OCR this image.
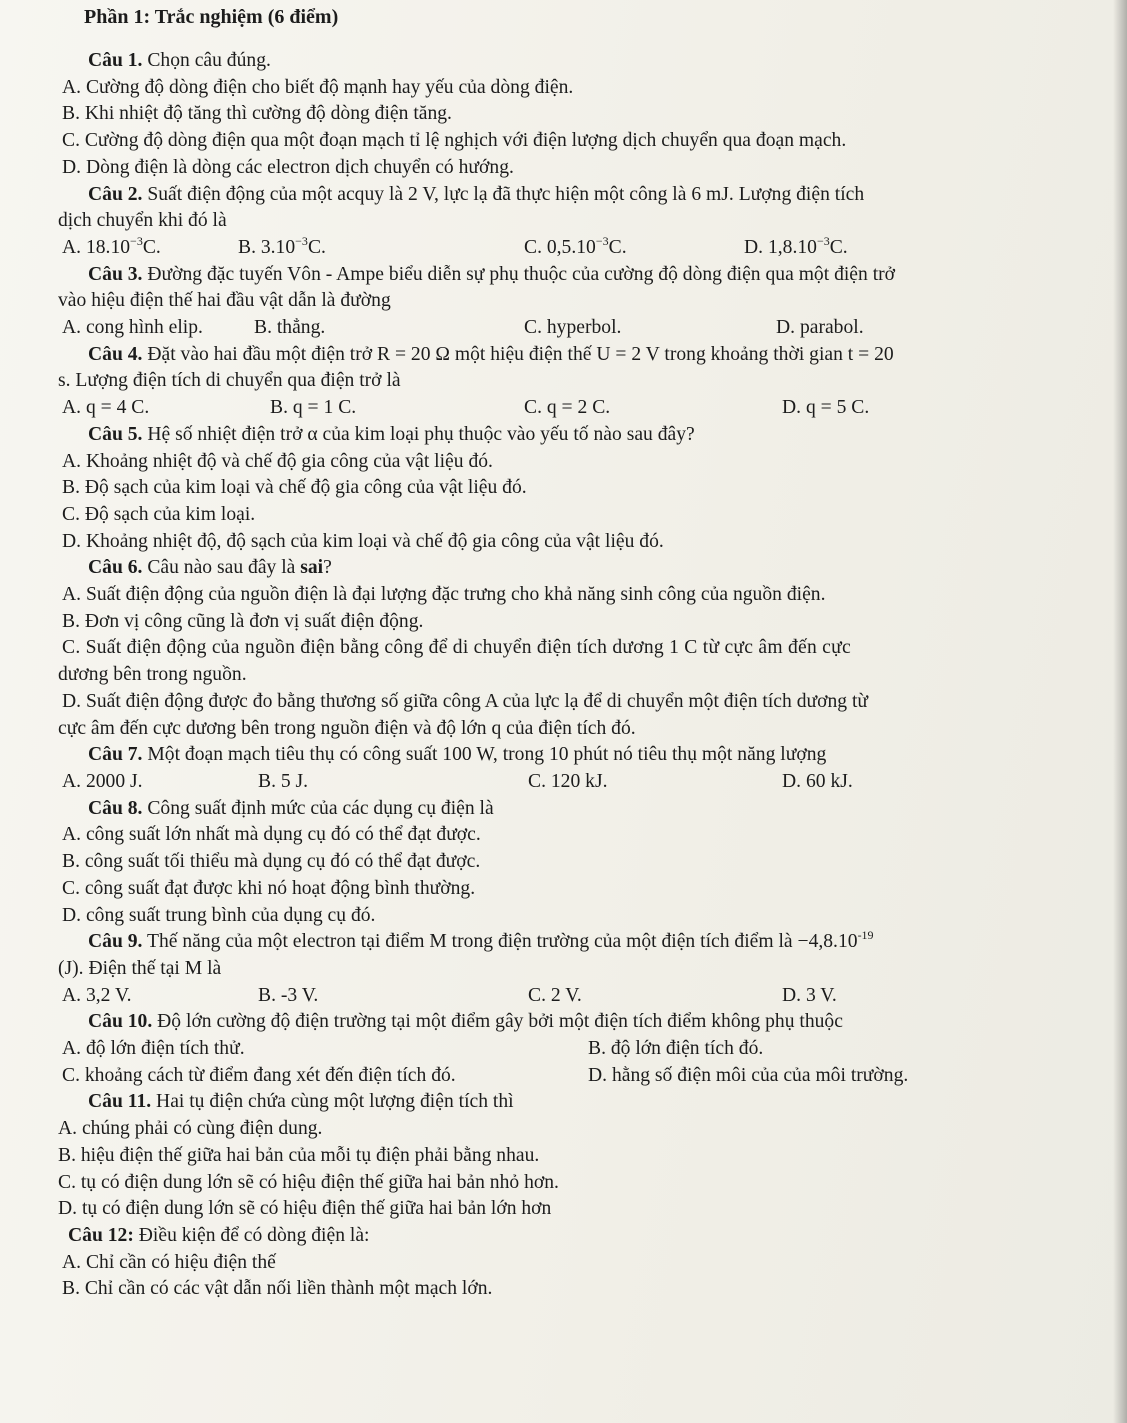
Phần 1: Trắc nghiệm (6 điểm)
Câu 1. Chọn câu đúng.
A. Cường độ dòng điện cho biết độ mạnh hay yếu của dòng điện.
B. Khi nhiệt độ tăng thì cường độ dòng điện tăng.
C. Cường độ dòng điện qua một đoạn mạch tỉ lệ nghịch với điện lượng dịch chuyển qua đoạn mạch.
D. Dòng điện là dòng các electron dịch chuyển có hướng.
Câu 2. Suất điện động của một acquy là 2 V, lực lạ đã thực hiện một công là 6 mJ. Lượng điện tích
dịch chuyển khi đó là
A. $18.10^{-3}C$.	B. $3.10^{-3}C$.	C. $0,5.10^{-3}C$.	D. $1,8.10^{-3}C$.
Câu 3. Đường đặc tuyến Vôn - Ampe biểu diễn sự phụ thuộc của cường độ dòng điện qua một điện trở
vào hiệu điện thế hai đầu vật dẫn là đường
A. cong hình elip.	B. thẳng.	C. hyperbol.	D. parabol.
Câu 4. Đặt vào hai đầu một điện trở R = 20 Ω một hiệu điện thế U = 2 V trong khoảng thời gian t = 20
s. Lượng điện tích di chuyển qua điện trở là
A. q = 4 C.	B. q = 1 C.	C. q = 2 C.	D. q = 5 C.
Câu 5. Hệ số nhiệt điện trở α của kim loại phụ thuộc vào yếu tố nào sau đây?
A. Khoảng nhiệt độ và chế độ gia công của vật liệu đó.
B. Độ sạch của kim loại và chế độ gia công của vật liệu đó.
C. Độ sạch của kim loại.
D. Khoảng nhiệt độ, độ sạch của kim loại và chế độ gia công của vật liệu đó.
Câu 6. Câu nào sau đây là sai?
A. Suất điện động của nguồn điện là đại lượng đặc trưng cho khả năng sinh công của nguồn điện.
B. Đơn vị công cũng là đơn vị suất điện động.
C. Suất điện động của nguồn điện bằng công để di chuyển điện tích dương 1 C từ cực âm đến cực
dương bên trong nguồn.
D. Suất điện động được đo bằng thương số giữa công A của lực lạ để di chuyển một điện tích dương từ
cực âm đến cực dương bên trong nguồn điện và độ lớn q của điện tích đó.
Câu 7. Một đoạn mạch tiêu thụ có công suất 100 W, trong 10 phút nó tiêu thụ một năng lượng
A. 2000 J.	B. 5 J.	C. 120 kJ.	D. 60 kJ.
Câu 8. Công suất định mức của các dụng cụ điện là
A. công suất lớn nhất mà dụng cụ đó có thể đạt được.
B. công suất tối thiểu mà dụng cụ đó có thể đạt được.
C. công suất đạt được khi nó hoạt động bình thường.
D. công suất trung bình của dụng cụ đó.
Câu 9. Thế năng của một electron tại điểm M trong điện trường của một điện tích điểm là $-4,8.10^{-19}$
(J). Điện thế tại M là
A. 3,2 V.	B. -3 V.	C. 2 V.	D. 3 V.
Câu 10. Độ lớn cường độ điện trường tại một điểm gây bởi một điện tích điểm không phụ thuộc
A. độ lớn điện tích thử.	B. độ lớn điện tích đó.
C. khoảng cách từ điểm đang xét đến điện tích đó.	D. hằng số điện môi của của môi trường.
Câu 11. Hai tụ điện chứa cùng một lượng điện tích thì
A. chúng phải có cùng điện dung.
B. hiệu điện thế giữa hai bản của mỗi tụ điện phải bằng nhau.
C. tụ có điện dung lớn sẽ có hiệu điện thế giữa hai bản nhỏ hơn.
D. tụ có điện dung lớn sẽ có hiệu điện thế giữa hai bản lớn hơn
Câu 12: Điều kiện để có dòng điện là:
A. Chỉ cần có hiệu điện thế
B. Chỉ cần có các vật dẫn nối liền thành một mạch lớn.
